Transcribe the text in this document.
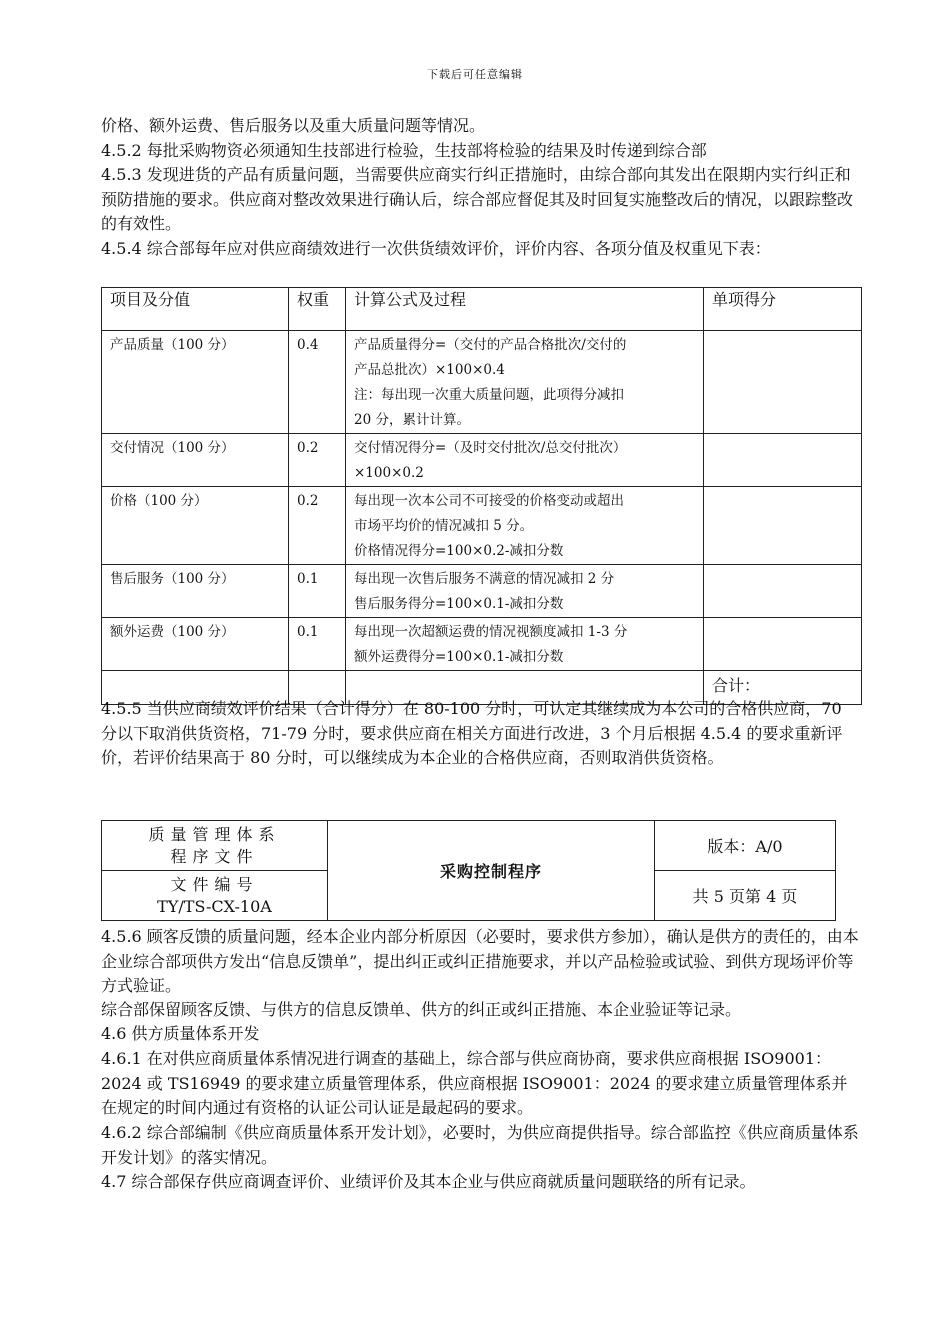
下载后可任意编辑

价格、额外运费、售后服务以及重大质量问题等情况。

4.5.2 每批采购物资必须通知生技部进行检验，生技部将检验的结果及时传递到综合部

4.5.3 发现进货的产品有质量问题，当需要供应商实行纠正措施时，由综合部向其发出在限期内实行纠正和预防措施的要求。供应商对整改效果进行确认后，综合部应督促其及时回复实施整改后的情况，以跟踪整改的有效性。

4.5.4 综合部每年应对供应商绩效进行一次供货绩效评价，评价内容、各项分值及权重见下表：

项目及分值	权重	计算公式及过程	单项得分
产品质量（100 分）	0.4	产品质量得分=（交付的产品合格批次/交付的
产品总批次）×100×0.4
注：每出现一次重大质量问题，此项得分减扣
20 分，累计计算。	

交付情况（100 分）	0.2	交付情况得分=（及时交付批次/总交付批次）
×100×0.2	

价格（100 分）	0.2	每出现一次本公司不可接受的价格变动或超出
市场平均价的情况减扣 5 分。
价格情况得分=100×0.2-减扣分数	

售后服务（100 分）	0.1	每出现一次售后服务不满意的情况减扣 2 分
售后服务得分=100×0.1-减扣分数	

额外运费（100 分）	0.1	每出现一次超额运费的情况视额度减扣 1-3 分
额外运费得分=100×0.1-减扣分数	

			合计：

4.5.5 当供应商绩效评价结果（合计得分）在 80-100 分时，可认定其继续成为本公司的合格供应商，70 分以下取消供货资格，71-79 分时，要求供应商在相关方面进行改进，3 个月后根据 4.5.4 的要求重新评价，若评价结果高于 80 分时，可以继续成为本企业的合格供应商，否则取消供货资格。

质量管理体系
程序文件	采购控制程序	版本：A/0

文件编号
TY/TS-CX-10A		共 5 页第 4 页

4.5.6 顾客反馈的质量问题，经本企业内部分析原因（必要时，要求供方参加），确认是供方的责任的，由本企业综合部项供方发出“信息反馈单”，提出纠正或纠正措施要求，并以产品检验或试验、到供方现场评价等方式验证。

综合部保留顾客反馈、与供方的信息反馈单、供方的纠正或纠正措施、本企业验证等记录。

4.6 供方质量体系开发

4.6.1 在对供应商质量体系情况进行调查的基础上，综合部与供应商协商，要求供应商根据 ISO9001：2024 或 TS16949 的要求建立质量管理体系，供应商根据 ISO9001：2024 的要求建立质量管理体系并在规定的时间内通过有资格的认证公司认证是最起码的要求。

4.6.2 综合部编制《供应商质量体系开发计划》，必要时，为供应商提供指导。综合部监控《供应商质量体系开发计划》的落实情况。

4.7 综合部保存供应商调查评价、业绩评价及其本企业与供应商就质量问题联络的所有记录。
